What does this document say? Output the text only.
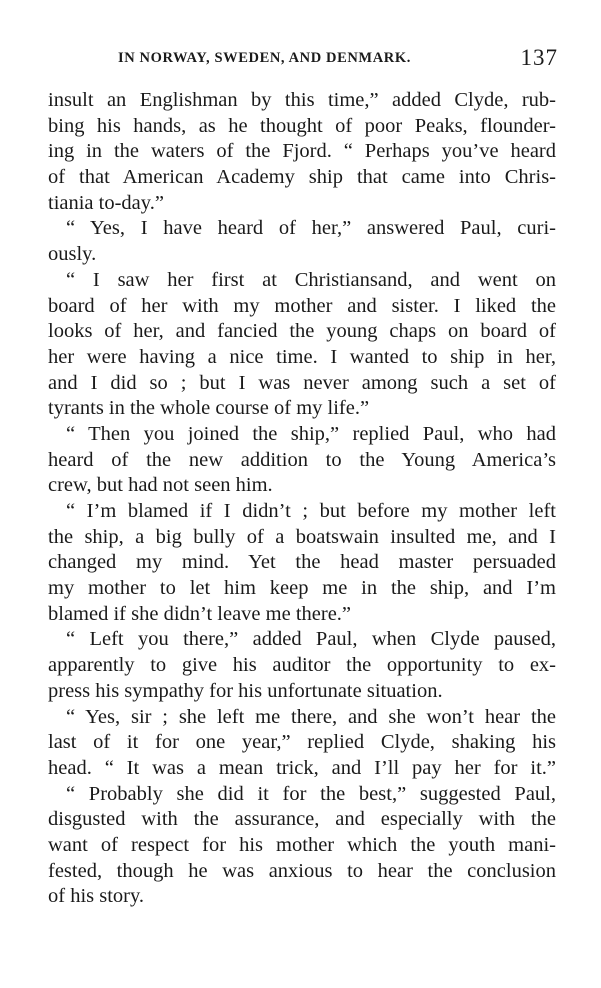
IN NORWAY, SWEDEN, AND DENMARK.	137
insult an Englishman by this time,” added Clyde, rub-
bing his hands, as he thought of poor Peaks, flounder-
ing in the waters of the Fjord. “ Perhaps you’ve heard
of that American Academy ship that came into Chris-
tiania to-day.”
“ Yes, I have heard of her,” answered Paul, curi-
ously.
“ I saw her first at Christiansand, and went on
board of her with my mother and sister. I liked the
looks of her, and fancied the young chaps on board of
her were having a nice time. I wanted to ship in her,
and I did so ; but I was never among such a set of
tyrants in the whole course of my life.”
“ Then you joined the ship,” replied Paul, who had
heard of the new addition to the Young America’s
crew, but had not seen him.
“ I’m blamed if I didn’t ; but before my mother left
the ship, a big bully of a boatswain insulted me, and I
changed my mind. Yet the head master persuaded
my mother to let him keep me in the ship, and I’m
blamed if she didn’t leave me there.”
“ Left you there,” added Paul, when Clyde paused,
apparently to give his auditor the opportunity to ex-
press his sympathy for his unfortunate situation.
“ Yes, sir ; she left me there, and she won’t hear the
last of it for one year,” replied Clyde, shaking his
head. “ It was a mean trick, and I’ll pay her for it.”
“ Probably she did it for the best,” suggested Paul,
disgusted with the assurance, and especially with the
want of respect for his mother which the youth mani-
fested, though he was anxious to hear the conclusion
of his story.
